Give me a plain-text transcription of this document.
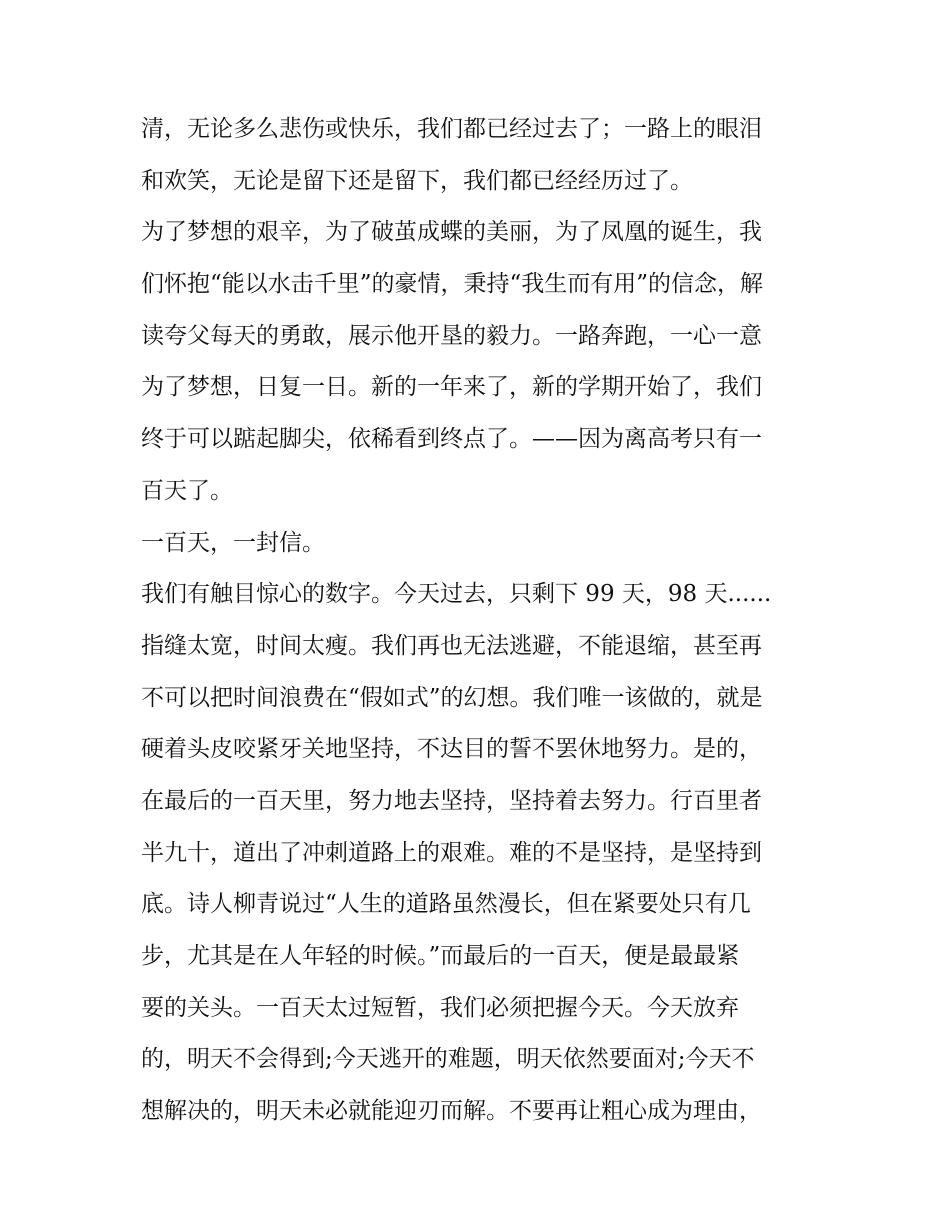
清，无论多么悲伤或快乐，我们都已经过去了；一路上的眼泪
和欢笑，无论是留下还是留下，我们都已经经历过了。
为了梦想的艰辛，为了破茧成蝶的美丽，为了凤凰的诞生，我
们怀抱“能以水击千里”的豪情，秉持“我生而有用”的信念，解
读夸父每天的勇敢，展示他开垦的毅力。一路奔跑，一心一意
为了梦想，日复一日。新的一年来了，新的学期开始了，我们
终于可以踮起脚尖，依稀看到终点了。——因为离高考只有一
百天了。
一百天，一封信。
我们有触目惊心的数字。今天过去，只剩下 99 天，98 天......
指缝太宽，时间太瘦。我们再也无法逃避，不能退缩，甚至再
不可以把时间浪费在“假如式”的幻想。我们唯一该做的，就是
硬着头皮咬紧牙关地坚持，不达目的誓不罢休地努力。是的，
在最后的一百天里，努力地去坚持，坚持着去努力。行百里者
半九十，道出了冲刺道路上的艰难。难的不是坚持，是坚持到
底。诗人柳青说过“人生的道路虽然漫长，但在紧要处只有几
步，尤其是在人年轻的时候。”而最后的一百天，便是最最紧
要的关头。一百天太过短暂，我们必须把握今天。今天放弃
的，明天不会得到;今天逃开的难题，明天依然要面对;今天不
想解决的，明天未必就能迎刃而解。不要再让粗心成为理由，
